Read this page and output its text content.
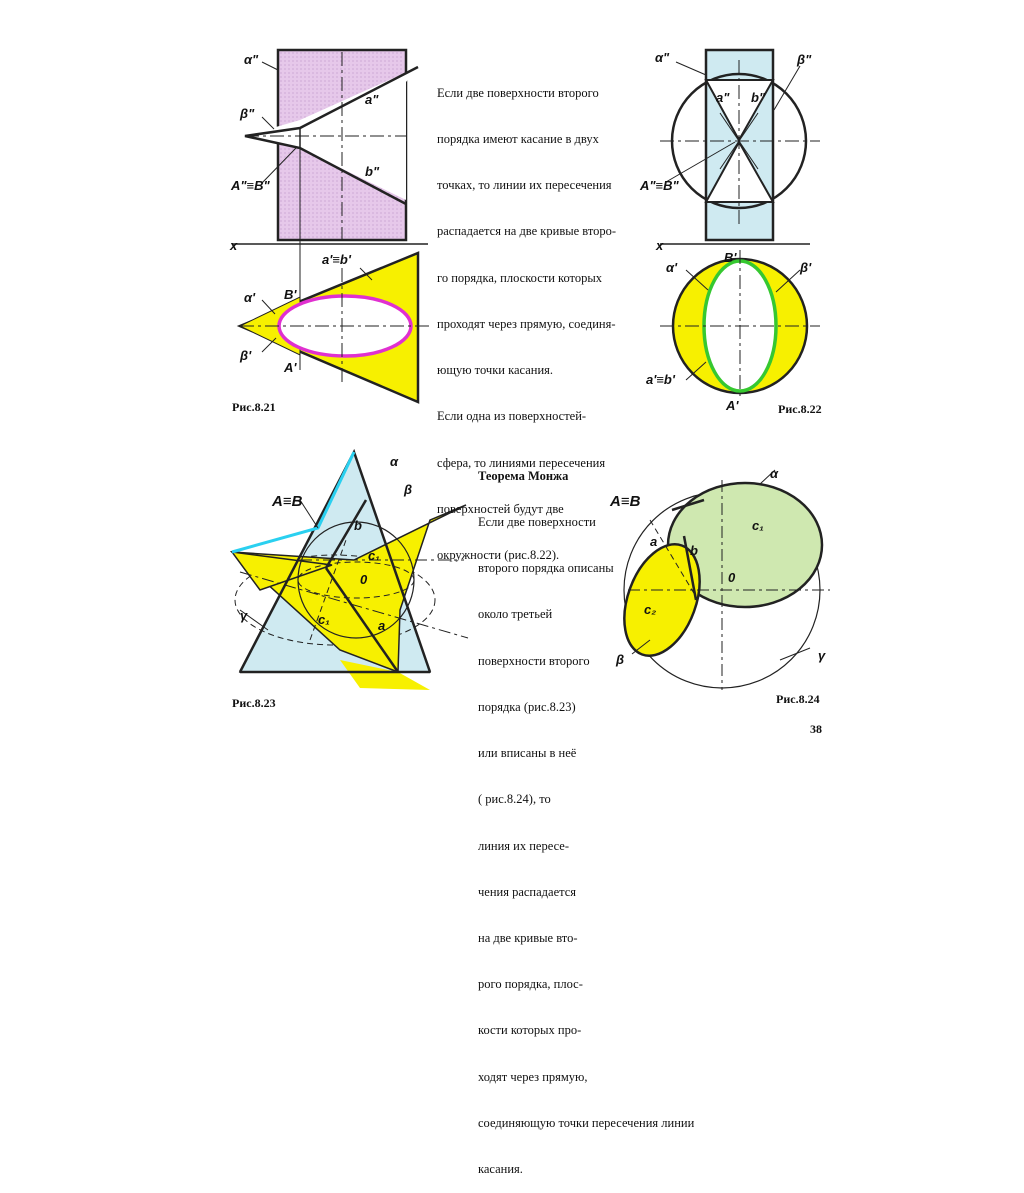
α"
β"
a"
b"
A"≡B"
x
α'
β'
B'
A'
a'≡b'
α"	β"
a" b"
A"≡B"
x
α'	β'
B'
A'
a'≡b'
α
β
A≡B
b
c₁
0
c₁	a
γ
α
A≡B
a
b
c₁
0
c₂
β	γ

Если две поверхности второго

порядка имеют касание в двух

точках, то линии их пересечения

распадается на две кривые второ-

го порядка, плоскости которых

проходят через прямую, соединя-

ющую точки касания.

Если одна из поверхностей-

сфера, то линиями пересечения

поверхностей будут две

окружности (рис.8.22).

Теорема Монжа

Если две поверхности

второго порядка описаны

около третьей

поверхности второго

порядка (рис.8.23)

или вписаны в неё

( рис.8.24), то

линия их пересе-

чения распадается

на две кривые вто-

рого порядка, плос-

кости которых про-

ходят через прямую,

соединяющую точки пересечения линии

касания.

Рис.8.21	Рис.8.22
Рис.8.23	Рис.8.24
38
